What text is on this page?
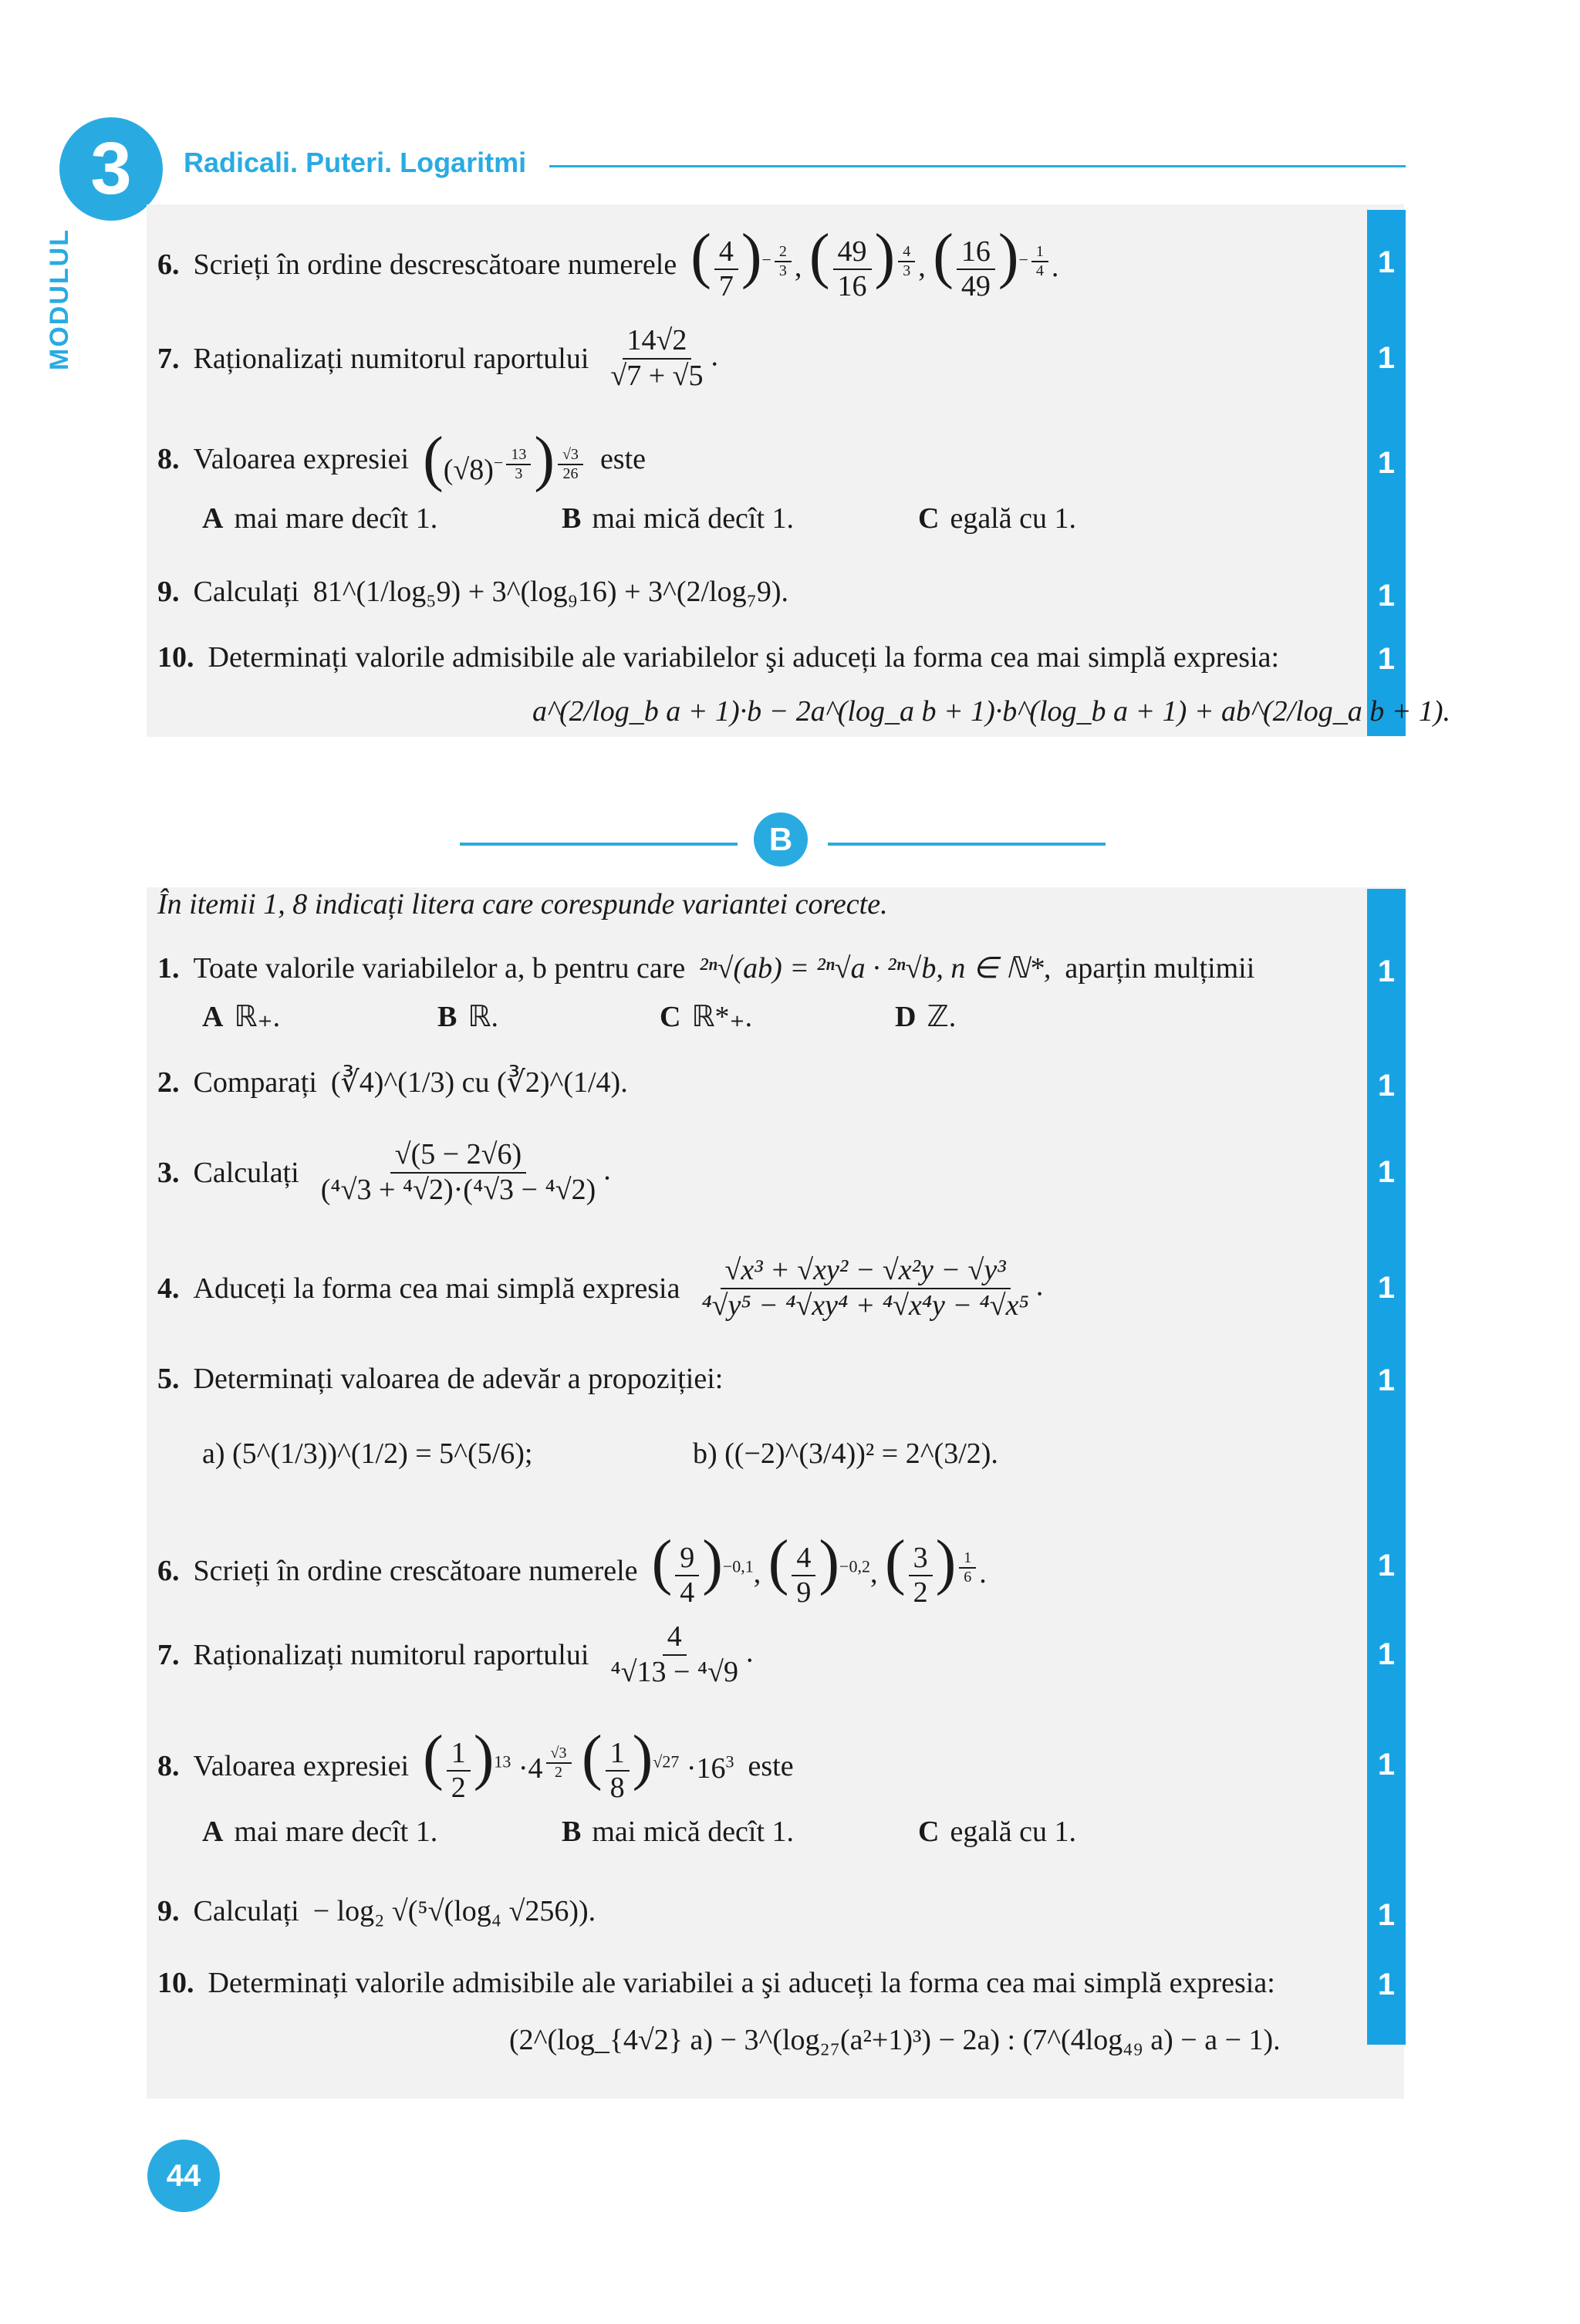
3
MODULUL
Radicali. Puteri. Logaritmi
6. Scrieți în ordine descrescătoare numerele ( $\frac{4}{7} )^{- \frac{2}{3}}$ , ( $\frac{49}{16}$ ) $^{\frac{4}{3}}$ , ( $\frac{16}{49} )^{- \frac{1}{4}}$ .	1
7. Raționalizați numitorul raportului $\frac{14√2}{√7 + √5}$ .	1
8. Valoarea expresiei ($(√8)^{- \frac{13}{3}}$ ) $^{\frac{√3}{26}}$ este	1
A mai mare decît 1.	B mai mică decît 1.	C egală cu 1.
9. Calculați 81^(1/log₅9) + 3^(log₉16) + 3^(2/log₇9).	1
10. Determinați valorile admisibile ale variabilelor şi aduceți la forma cea mai simplă expresia:	1
a^(2/log_b a + 1)·b − 2a^(log_a b + 1)·b^(log_b a + 1) + ab^(2/log_a b + 1).
B
În itemii 1, 8 indicați litera care corespunde variantei corecte.
1. Toate valorile variabilelor a, b pentru care ²ⁿ√(ab) = ²ⁿ√a · ²ⁿ√b, n ∈ ℕ*, aparțin mulțimii	1
A ℝ₊.	B ℝ.	C ℝ*₊.	D ℤ.
2. Comparați (∛4)^(1/3) cu (∛2)^(1/4).	1
3. Calculați $\frac{√(5 - 2√6)}{\text{(⁴√3 + ⁴√2)·(⁴√3 − ⁴√2)}}$ .	1
4. Aduceți la forma cea mai simplă expresia $\frac{\text{√x³ + √xy² − √x²y − √y³}}{\text{⁴√y⁵ − ⁴√xy⁴ + ⁴√x⁴y − ⁴√x⁵}}$ .	1
5. Determinați valoarea de adevăr a propoziției:	1
a) (5^(1/3))^(1/2) = 5^(5/6);	b) ((−2)^(3/4))² = 2^(3/2).
6. Scrieți în ordine crescătoare numerele ( $\frac{9}{4} )^{-0,1}$, ( $\frac{4}{9} )^{-0,2}$, ( $\frac{3}{2}$ ) $^{\frac{1}{6}}$ .	1
7. Raționalizați numitorul raportului $\frac{4}{\text{⁴√13 − ⁴√9}}$ .	1
8. Valoarea expresiei ( $\frac{1}{2} )^{13} \cdot 4$ $^{\frac{√3}{2}}$ ( $\frac{1}{8} )^{√27} \cdot 16^3$ este	1
A mai mare decît 1.	B mai mică decît 1.	C egală cu 1.
9. Calculați − log₂ √(⁵√(log₄ √256)).	1
10. Determinați valorile admisibile ale variabilei a şi aduceți la forma cea mai simplă expresia:	1
(2^(log_{4√2} a) − 3^(log₂₇(a²+1)³) − 2a) : (7^(4log₄₉ a) − a − 1).
44
